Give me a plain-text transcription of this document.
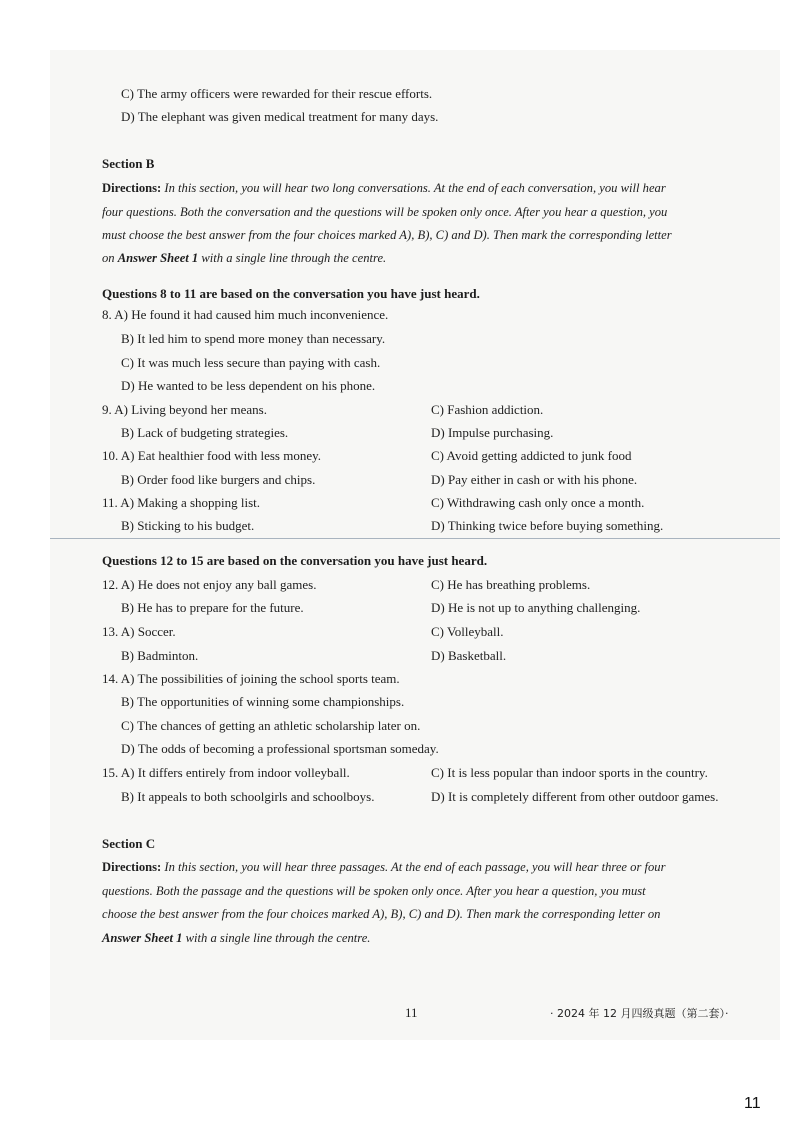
C) The army officers were rewarded for their rescue efforts.
D) The elephant was given medical treatment for many days.
Section B
Directions: In this section, you will hear two long conversations. At the end of each conversation, you will hear
four questions. Both the conversation and the questions will be spoken only once. After you hear a question, you
must choose the best answer from the four choices marked A), B), C) and D). Then mark the corresponding letter
on Answer Sheet 1 with a single line through the centre.
Questions 8 to 11 are based on the conversation you have just heard.
8. A) He found it had caused him much inconvenience.
B) It led him to spend more money than necessary.
C) It was much less secure than paying with cash.
D) He wanted to be less dependent on his phone.
9. A) Living beyond her means.	C) Fashion addiction.
B) Lack of budgeting strategies.	D) Impulse purchasing.
10. A) Eat healthier food with less money.	C) Avoid getting addicted to junk food
B) Order food like burgers and chips.	D) Pay either in cash or with his phone.
11. A) Making a shopping list.	C) Withdrawing cash only once a month.
B) Sticking to his budget.	D) Thinking twice before buying something.
Questions 12 to 15 are based on the conversation you have just heard.
12. A) He does not enjoy any ball games.	C) He has breathing problems.
B) He has to prepare for the future.	D) He is not up to anything challenging.
13. A) Soccer.	C) Volleyball.
B) Badminton.	D) Basketball.
14. A) The possibilities of joining the school sports team.
B) The opportunities of winning some championships.
C) The chances of getting an athletic scholarship later on.
D) The odds of becoming a professional sportsman someday.
15. A) It differs entirely from indoor volleyball.	C) It is less popular than indoor sports in the country.
B) It appeals to both schoolgirls and schoolboys.	D) It is completely different from other outdoor games.
Section C
Directions: In this section, you will hear three passages. At the end of each passage, you will hear three or four
questions. Both the passage and the questions will be spoken only once. After you hear a question, you must
choose the best answer from the four choices marked A), B), C) and D). Then mark the corresponding letter on
Answer Sheet 1 with a single line through the centre.
11	· 2024 年 12 月四级真题（第二套）·
11
